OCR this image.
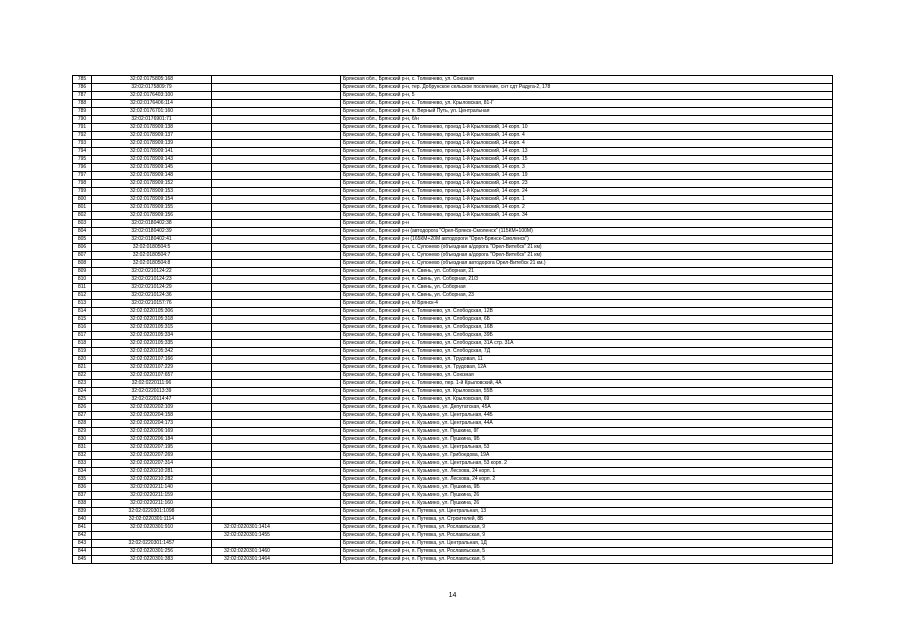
785	32:02:0175805:168		Брянская обл., Брянский р-н, с. Толмачево, ул. Союзная
786	32:02:0175809:79		Брянская обл., Брянский р-н, тер. Добрунское сельское поселение, снт сдт Радуга-2, 178
787	32:02:0176403:100		Брянская обл., Брянский р-н, 5
788	32:02:0176406:114		Брянская обл., Брянский р-н, с. Толмачево, ул. Крыловская, 81-Г
789	32:02:0176701:160		Брянская обл., Брянский р-н, п. Верный Путь, ул. Центральная
790	32:02:0176901:71		Брянская обл., Брянский р-н, б/н
791	32:02:0178909:138		Брянская обл., Брянский р-н, с. Толмачево, проезд 1-й Крыловский, 14 корп. 10
792	32:02:0178909:137		Брянская обл., Брянский р-н, с. Толмачево, проезд 1-й Крыловский, 14 корп. 4
793	32:02:0178909:139		Брянская обл., Брянский р-н, с. Толмачево, проезд 1-й Крыловский, 14 корп. 4
794	32:02:0178909:141		Брянская обл., Брянский р-н, с. Толмачево, проезд 1-й Крыловский, 14 корп. 13
795	32:02:0178909:143		Брянская обл., Брянский р-н, с. Толмачево, проезд 1-й Крыловский, 14 корп. 15
796	32:02:0178909:145		Брянская обл., Брянский р-н, с. Толмачево, проезд 1-й Крыловский, 14 корп. 3
797	32:02:0178909:148		Брянская обл., Брянский р-н, с. Толмачево, проезд 1-й Крыловский, 14 корп. 19
798	32:02:0178909:152		Брянская обл., Брянский р-н, с. Толмачево, проезд 1-й Крыловский, 14 корп. 23
799	32:02:0178909:153		Брянская обл., Брянский р-н, с. Толмачево, проезд 1-й Крыловский, 14 корп. 24
800	32:02:0178909:154		Брянская обл., Брянский р-н, с. Толмачево, проезд 1-й Крыловский, 14 корп. 1
801	32:02:0178909:155		Брянская обл., Брянский р-н, с. Толмачево, проезд 1-й Крыловский, 14 корп. 2
802	32:02:0178909:156		Брянская обл., Брянский р-н, с. Толмачево, проезд 1-й Крыловский, 14 корп. 34
803	32:02:0180402:38		Брянская обл., Брянский р-н
804	32:02:0180402:39		Брянская обл., Брянский р-н (автодорога "Орел-Брянск-Смоленск" (115КМ+100М)
805	32:02:0180402:41		Брянская обл., Брянский р-н (165КМ+20М автодороги "Орел-Брянск-Смоленск")
806	32:02:0180504:5		Брянская обл., Брянский р-н, с. Супонево (объездная а/дорога "Орел-Витебск" 21 км)
807	32:02:0180504:7		Брянская обл., Брянский р-н, с. Супонево (объездная а/дорога "Орел-Витебск" 21 км)
808	32:02:0180504:8		Брянская обл., Брянский р-н, с. Супонево (объездная автодорога Орел-Витебск 21 км.)
809	32:02:0210124:22		Брянская обл., Брянский р-н, п. Свень, ул. Соборная, 21
810	32:02:0210124:23		Брянская обл., Брянский р-н, п. Свень, ул. Соборная, 21/3
811	32:02:0210124:29		Брянская обл., Брянский р-н, п. Свень, ул. Соборная
812	32:02:0210124:36		Брянская обл., Брянский р-н, п. Свень, ул. Соборная, 23
813	32:02:0210157:76		Брянская обл., Брянский р-н, п/ Брянск-4
814	32:02:0220105:306		Брянская обл., Брянский р-н, с. Толмачево, ул. Слободская, 12В
815	32:02:0220105:318		Брянская обл., Брянский р-н, с. Толмачево, ул. Слободская, 6Б
816	32:02:0220105:315		Брянская обл., Брянский р-н, с. Толмачево, ул. Слободская, 16В
817	32:02:0220105:334		Брянская обл., Брянский р-н, с. Толмачево, ул. Слободская, 39Б
818	32:02:0220105:335		Брянская обл., Брянский р-н, с. Толмачево, ул. Слободская, 31А стр. 31А
819	32:02:0220105:342		Брянская обл., Брянский р-н, с. Толмачево, ул. Слободская, 7Д
820	32:02:0220107:166		Брянская обл., Брянский р-н, с. Толмачево, ул. Трудовая, 11
821	32:02:0220107:229		Брянская обл., Брянский р-н, с. Толмачево, ул. Трудовая, 12А
822	32:02:0220107:657		Брянская обл., Брянский р-н, с. Толмачево, ул. Союзная
823	32:02:0220111:96		Брянская обл., Брянский р-н, с. Толмачево, пер. 1-й Крыловский, 4А
824	32:02:0220113:39		Брянская обл., Брянский р-н, с. Толмачево, ул. Крыловская, 55В
825	32:02:0220114:47		Брянская обл., Брянский р-н, с. Толмачево, ул. Крыловская, 69
826	32:02:0220202:109		Брянская обл., Брянский р-н, п. Кузьмино, ул. Депутатская, 45А
827	32:02:0220204:158		Брянская обл., Брянский р-н, п. Кузьмино, ул. Центральная, 44Б
828	32:02:0220204:173		Брянская обл., Брянский р-н, п. Кузьмино, ул. Центральная, 44А
829	32:02:0220206:169		Брянская обл., Брянский р-н, п. Кузьмино, ул. Пушкина, 9Г
830	32:02:0220206:184		Брянская обл., Брянский р-н, п. Кузьмино, ул. Пушкина, 9Б
831	32:02:0220207:195		Брянская обл., Брянский р-н, п. Кузьмино, ул. Центральная, 53
832	32:02:0220207:269		Брянская обл., Брянский р-н, п. Кузьмино, ул. Грибоедова, 19А
833	32:02:0220207:314		Брянская обл., Брянский р-н, п. Кузьмино, ул. Центральная, 53 корп. 2
834	32:02:0220210:281		Брянская обл., Брянский р-н, п. Кузьмино, ул. Лесхова, 24 корп. 1
835	32:02:0220210:282		Брянская обл., Брянский р-н, п. Кузьмино, ул. Лесхова, 24 корп. 2
836	32:02:0220211:140		Брянская обл., Брянский р-н, п. Кузьмино, ул. Пушкина, 9Б
837	32:02:0220211:159		Брянская обл., Брянский р-н, п. Кузьмино, ул. Пушкина, 26
838	32:02:0220211:160		Брянская обл., Брянский р-н, п. Кузьмино, ул. Пушкина, 26
839	32:02:0220301:1098		Брянская обл., Брянский р-н, п. Путевка, ул. Центральная, 13
840	32:02:0220301:1114		Брянская обл., Брянский р-н, п. Путевка, ул. Строителей, 8Б
841	32:02:0220301:910	32:02:0220301:1414	Брянская обл., Брянский р-н, п. Путевка, ул. Рославльская, 9
842		32:02:0220301:1455	Брянская обл., Брянский р-н, п. Путевка, ул. Рославльская, 9
843	32:02:0220301:1457		Брянская обл., Брянский р-н, п. Путевка, ул. Центральная, 1Д
844	32:02:0220301:256	32:02:0220301:1460	Брянская обл., Брянский р-н, п. Путевка, ул. Рославльская, 5
845	32:02:0220301:383	32:02:0220301:1464	Брянская обл., Брянский р-н, п. Путевка, ул. Рославльская, 5
14
